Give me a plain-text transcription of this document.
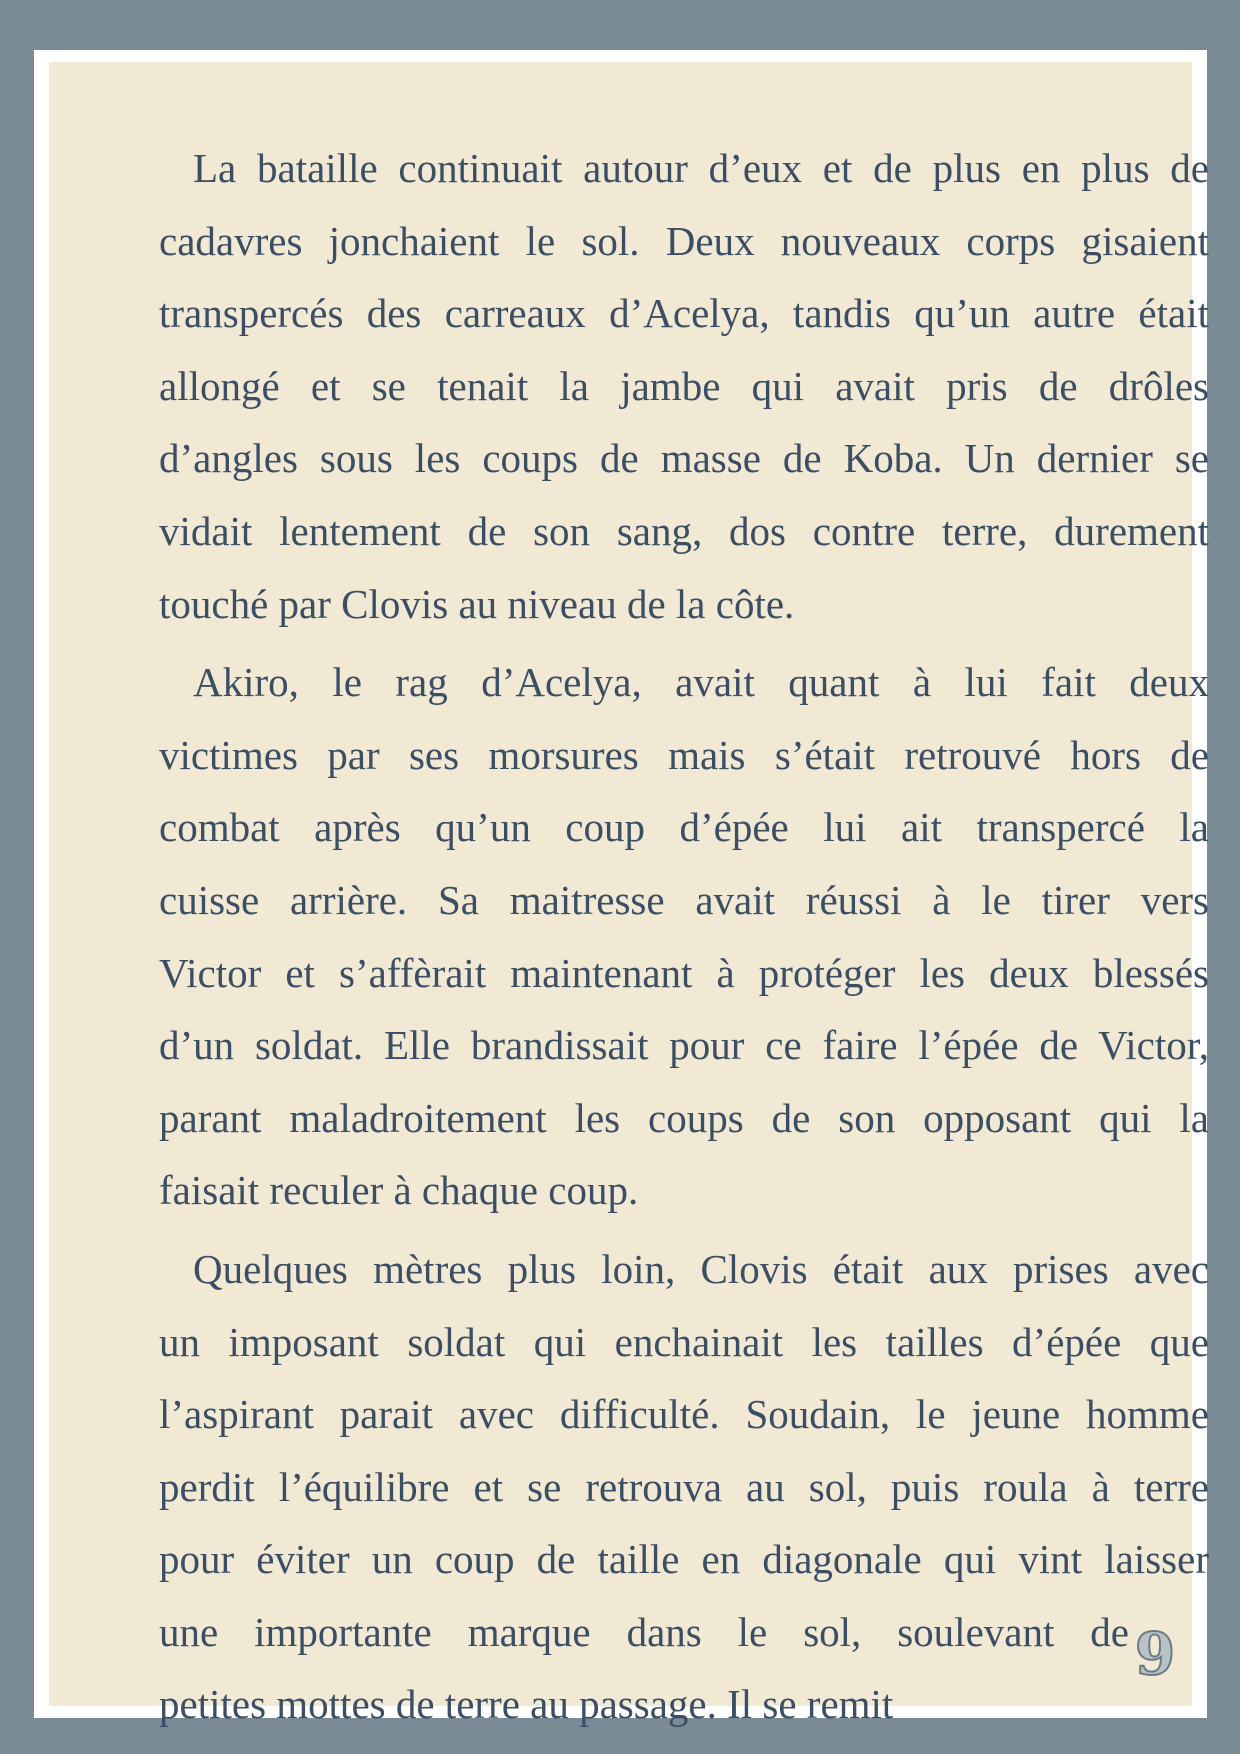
La bataille continuait autour d’eux et de plus en plus de
cadavres jonchaient le sol. Deux nouveaux corps gisaient
transpercés des carreaux d’Acelya, tandis qu’un autre était
allongé et se tenait la jambe qui avait pris de drôles
d’angles sous les coups de masse de Koba. Un dernier se
vidait lentement de son sang, dos contre terre, durement
touché par Clovis au niveau de la côte.

Akiro, le rag d’Acelya, avait quant à lui fait deux
victimes par ses morsures mais s’était retrouvé hors de
combat après qu’un coup d’épée lui ait transpercé la
cuisse arrière. Sa maitresse avait réussi à le tirer vers
Victor et s’affèrait maintenant à protéger les deux blessés
d’un soldat. Elle brandissait pour ce faire l’épée de Victor,
parant maladroitement les coups de son opposant qui la
faisait reculer à chaque coup.

Quelques mètres plus loin, Clovis était aux prises avec
un imposant soldat qui enchainait les tailles d’épée que
l’aspirant parait avec difficulté. Soudain, le jeune homme
perdit l’équilibre et se retrouva au sol, puis roula à terre
pour éviter un coup de taille en diagonale qui vint laisser
une importante marque dans le sol, soulevant de
petites mottes de terre au passage. Il se remit

9
